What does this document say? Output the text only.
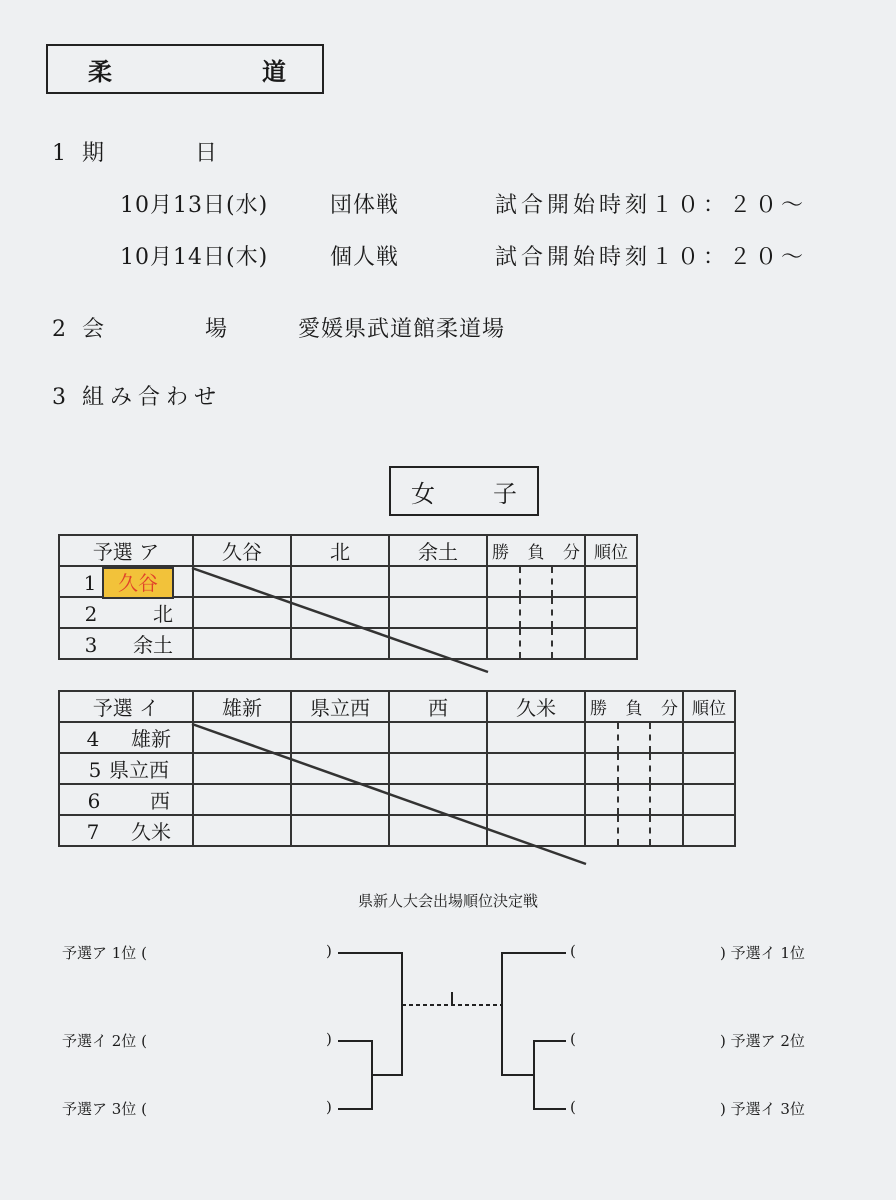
柔	道
1 期	日
10月13日(水)	団体戦	試合開始時刻１０：２０～
10月14日(木)	個人戦	試合開始時刻１０：２０～
2 会	場	愛媛県武道館柔道場
3 組み合わせ
女 子
予選 ア	久谷	北	余土	勝 負 分	順位
1 久谷				

2 北				

3 余土				

予選 イ	雄新	県立西	西	久米	勝 負 分	順位
4 雄新					

5 県立西					

6 西					

7 久米					

県新人大会出場順位決定戦
予選ア 1位 (
予選イ 2位 (
予選ア 3位 (
)
)
)
(
(
(
) 予選イ 1位
) 予選ア 2位
) 予選イ 3位
